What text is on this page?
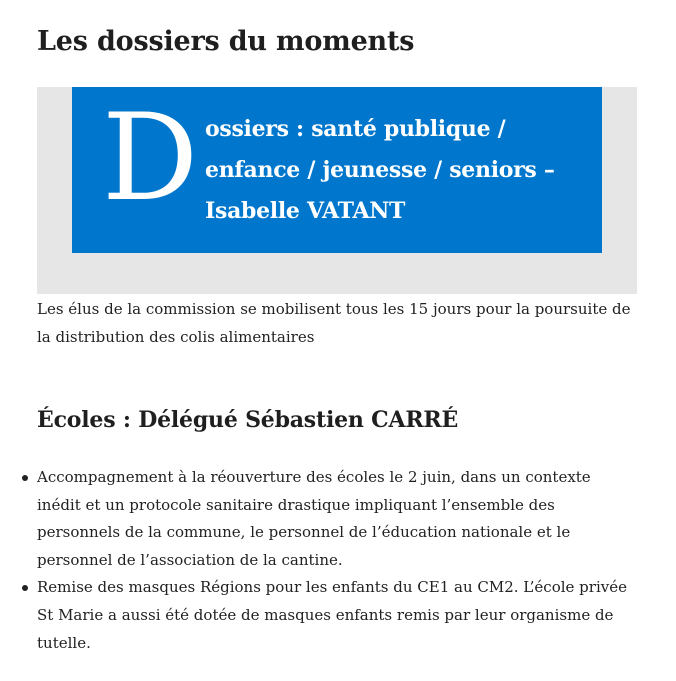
Les dossiers du moments
D ossiers : santé publique / enfance / jeunesse / seniors – Isabelle VATANT

Les élus de la commission se mobilisent tous les 15 jours pour la poursuite de la distribution des colis alimentaires

Écoles : Délégué Sébastien CARRÉ
Accompagnement à la réouverture des écoles le 2 juin, dans un contexte inédit et un protocole sanitaire drastique impliquant l’ensemble des personnels de la commune, le personnel de l’éducation nationale et le personnel de l’association de la cantine.
Remise des masques Régions pour les enfants du CE1 au CM2. L’école privée St Marie a aussi été dotée de masques enfants remis par leur organisme de tutelle.
